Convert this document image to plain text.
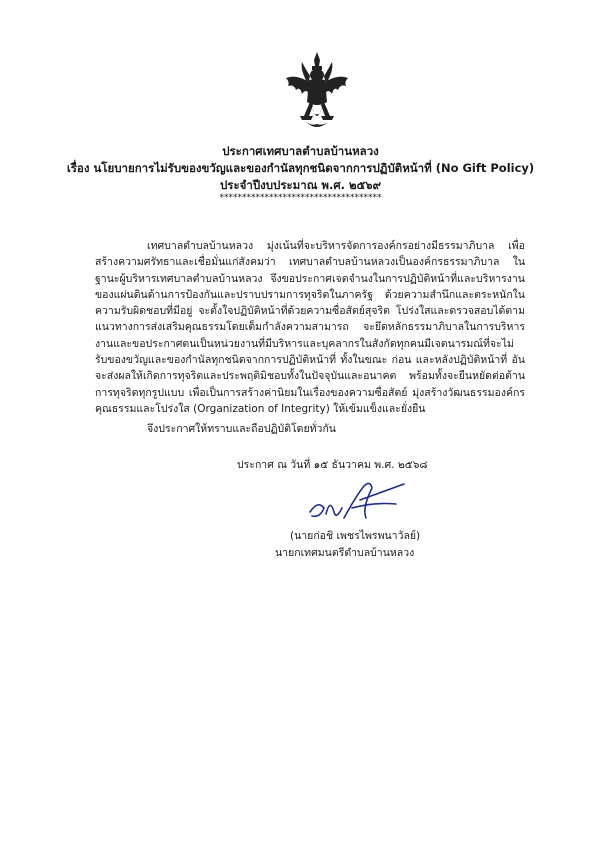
ประกาศเทศบาลตำบลบ้านหลวง
เรื่อง นโยบายการไม่รับของขวัญและของกำนัลทุกชนิดจากการปฏิบัติหน้าที่ (No Gift Policy)
ประจำปีงบประมาณ พ.ศ. ๒๕๖๙
************************************

เทศบาลตำบลบ้านหลวง มุ่งเน้นที่จะบริหารจัดการองค์กรอย่างมีธรรมาภิบาล เพื่อสร้างความศรัทธาและเชื่อมั่นแก่สังคมว่า เทศบาลตำบลบ้านหลวงเป็นองค์กรธรรมาภิบาล ในฐานะผู้บริหารเทศบาลตำบลบ้านหลวง จึงขอประกาศเจตจำนงในการปฏิบัติหน้าที่และบริหารงานของแผ่นดินด้านการป้องกันและปราบปรามการทุจริตในภาครัฐ ด้วยความสำนึกและตระหนักในความรับผิดชอบที่มีอยู่ จะตั้งใจปฏิบัติหน้าที่ด้วยความซื่อสัตย์สุจริต โปร่งใสและตรวจสอบได้ตามแนวทางการส่งเสริมคุณธรรมโดยเต็มกำลังความสามารถ จะยึดหลักธรรมาภิบาลในการบริหารงานและขอประกาศตนเป็นหน่วยงานที่มีบริหารและบุคลากรในสังกัดทุกคนมีเจตนารมณ์ที่จะไม่รับของขวัญและของกำนัลทุกชนิดจากการปฏิบัติหน้าที่ ทั้งในขณะ ก่อน และหลังปฏิบัติหน้าที่ อันจะส่งผลให้เกิดการทุจริตและประพฤติมิชอบทั้งในปัจจุบันและอนาคต พร้อมทั้งจะยืนหยัดต่อต้านการทุจริตทุกรูปแบบ เพื่อเป็นการสร้างค่านิยมในเรื่องของความซื่อสัตย์ มุ่งสร้างวัฒนธรรมองค์กรคุณธรรมและโปร่งใส (Organization of Integrity) ให้เข้มแข็งและยั่งยืน

จึงประกาศให้ทราบและถือปฏิบัติโดยทั่วกัน
ประกาศ ณ วันที่ ๑๕ ธันวาคม พ.ศ. ๒๕๖๘
(นายก่อชิ เพชรไพรพนาวัลย์)
นายกเทศมนตรีตำบลบ้านหลวง
